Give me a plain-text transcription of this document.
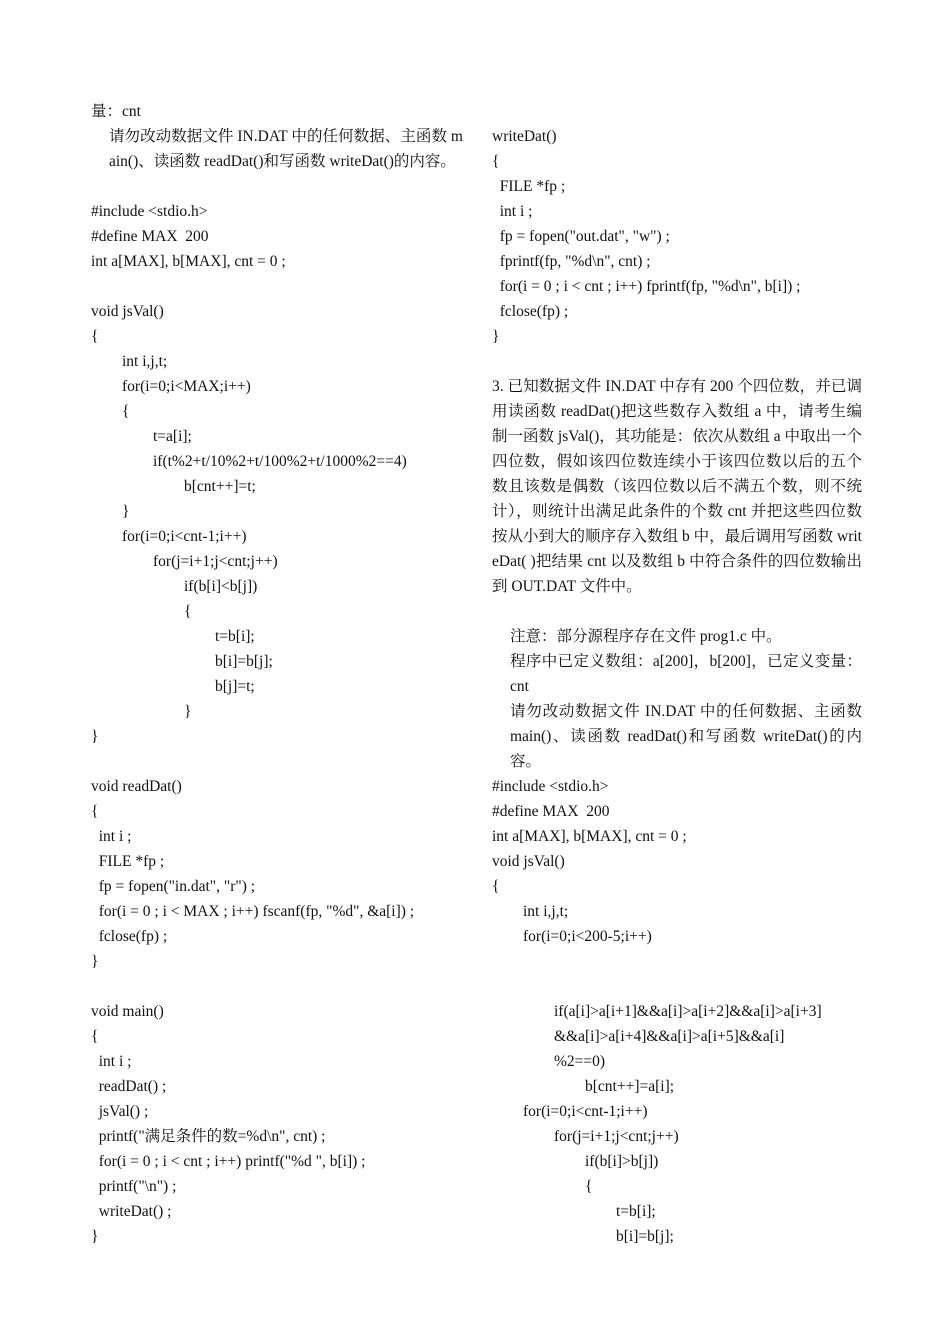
量：cnt
请勿改动数据文件 IN.DAT 中的任何数据、主函数 main()、读函数 readDat()和写函数 writeDat()的内容。
#include <stdio.h>
#define MAX  200
int a[MAX], b[MAX], cnt = 0 ;
void jsVal()
{
int i,j,t;
for(i=0;i<MAX;i++)
{
t=a[i];
if(t%2+t/10%2+t/100%2+t/1000%2==4)
b[cnt++]=t;
}
for(i=0;i<cnt-1;i++)
for(j=i+1;j<cnt;j++)
if(b[i]<b[j])
{
t=b[i];
b[i]=b[j];
b[j]=t;
}
}
void readDat()
{
int i ;
FILE *fp ;
fp = fopen("in.dat", "r") ;
for(i = 0 ; i < MAX ; i++) fscanf(fp, "%d", &a[i]) ;
fclose(fp) ;
}
void main()
{
int i ;
readDat() ;
jsVal() ;
printf("满足条件的数=%d\n", cnt) ;
for(i = 0 ; i < cnt ; i++) printf("%d ", b[i]) ;
printf("\n") ;
writeDat() ;
}
writeDat()
{
FILE *fp ;
int i ;
fp = fopen("out.dat", "w") ;
fprintf(fp, "%d\n", cnt) ;
for(i = 0 ; i < cnt ; i++) fprintf(fp, "%d\n", b[i]) ;
fclose(fp) ;
}
3. 已知数据文件 IN.DAT 中存有 200 个四位数，并已调用读函数 readDat()把这些数存入数组 a 中，请考生编制一函数 jsVal()，其功能是：依次从数组 a 中取出一个四位数，假如该四位数连续小于该四位数以后的五个数且该数是偶数（该四位数以后不满五个数，则不统计），则统计出满足此条件的个数 cnt 并把这些四位数按从小到大的顺序存入数组 b 中，最后调用写函数 writeDat( )把结果 cnt 以及数组 b 中符合条件的四位数输出到 OUT.DAT 文件中。
注意：部分源程序存在文件 prog1.c 中。
程序中已定义数组：a[200]，b[200]，已定义变量：cnt
请勿改动数据文件 IN.DAT 中的任何数据、主函数 main()、读函数 readDat()和写函数 writeDat()的内容。
#include <stdio.h>
#define MAX  200
int a[MAX], b[MAX], cnt = 0 ;
void jsVal()
{
int i,j,t;
for(i=0;i<200-5;i++)
if(a[i]>a[i+1]&&a[i]>a[i+2]&&a[i]>a[i+3]
&&a[i]>a[i+4]&&a[i]>a[i+5]&&a[i]
%2==0)
b[cnt++]=a[i];
for(i=0;i<cnt-1;i++)
for(j=i+1;j<cnt;j++)
if(b[i]>b[j])
{
t=b[i];
b[i]=b[j];
